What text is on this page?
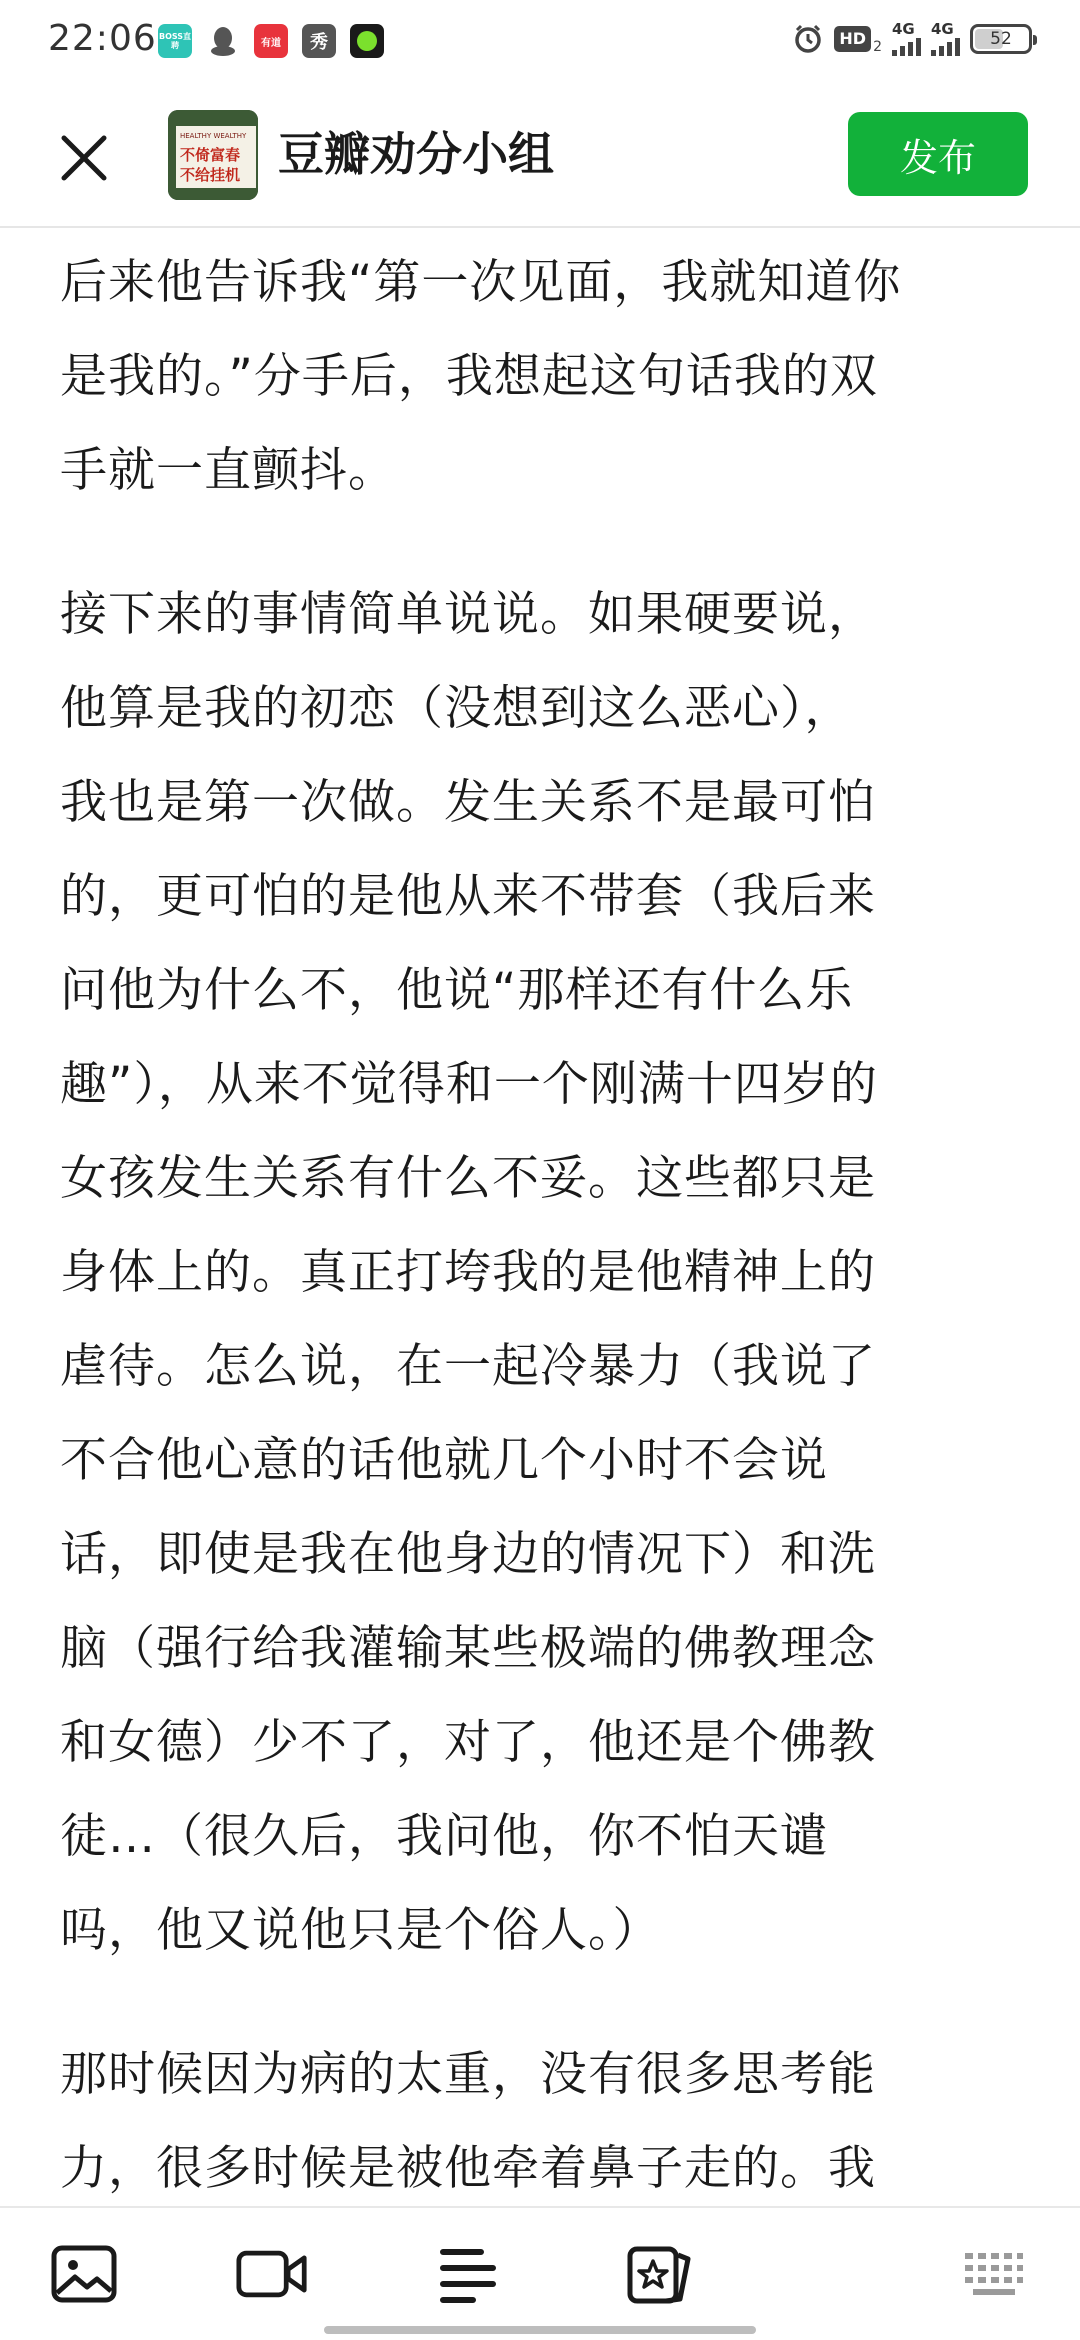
22:06 BOSS直聘	有道 秀	HD 2
4G 4G 52
HEALTHY WEALTHY
不倚富春
不给挂机 豆瓣劝分小组	发布

后来他告诉我“第一次见面，我就知道你
是我的。”分手后，我想起这句话我的双
手就一直颤抖。

接下来的事情简单说说。如果硬要说，
他算是我的初恋（没想到这么恶心），
我也是第一次做。发生关系不是最可怕
的，更可怕的是他从来不带套（我后来
问他为什么不，他说“那样还有什么乐
趣”），从来不觉得和一个刚满十四岁的
女孩发生关系有什么不妥。这些都只是
身体上的。真正打垮我的是他精神上的
虐待。怎么说，在一起冷暴力（我说了
不合他心意的话他就几个小时不会说
话，即使是我在他身边的情况下）和洗
脑（强行给我灌输某些极端的佛教理念
和女德）少不了，对了，他还是个佛教
徒…（很久后，我问他，你不怕天谴
吗，他又说他只是个俗人。）

那时候因为病的太重，没有很多思考能
力，很多时候是被他牵着鼻子走的。我
